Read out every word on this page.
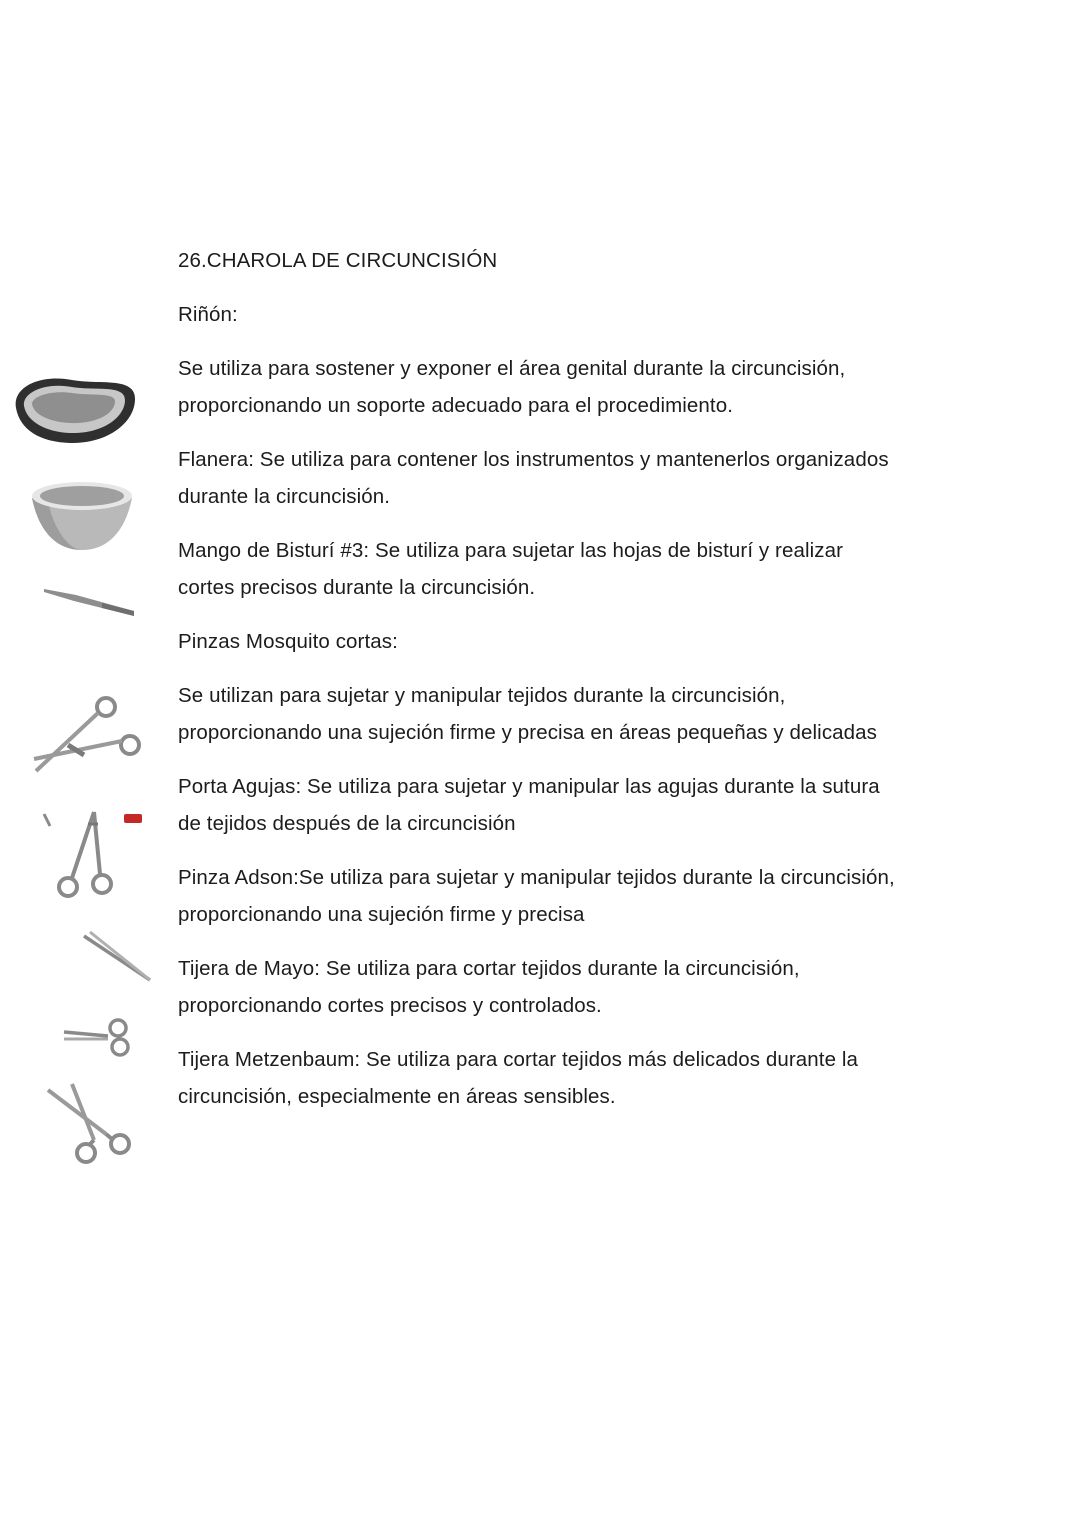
26.CHAROLA DE CIRCUNCISIÓN

Riñón:

Se utiliza para sostener y exponer el área genital durante la circuncisión, proporcionando un soporte adecuado para el procedimiento.

Flanera: Se utiliza para contener los instrumentos y mantenerlos organizados durante la circuncisión.

Mango de Bisturí #3: Se utiliza para sujetar las hojas de bisturí y realizar cortes precisos durante la circuncisión.

Pinzas Mosquito cortas:

Se utilizan para sujetar y manipular tejidos durante la circuncisión, proporcionando una sujeción firme y precisa en áreas pequeñas y delicadas

Porta Agujas: Se utiliza para sujetar y manipular las agujas durante la sutura de tejidos después de la circuncisión

Pinza Adson:Se utiliza para sujetar y manipular tejidos durante la circuncisión, proporcionando una sujeción firme y precisa

Tijera de Mayo: Se utiliza para cortar tejidos durante la circuncisión, proporcionando cortes precisos y controlados.

Tijera Metzenbaum: Se utiliza para cortar tejidos más delicados durante la circuncisión, especialmente en áreas sensibles.
